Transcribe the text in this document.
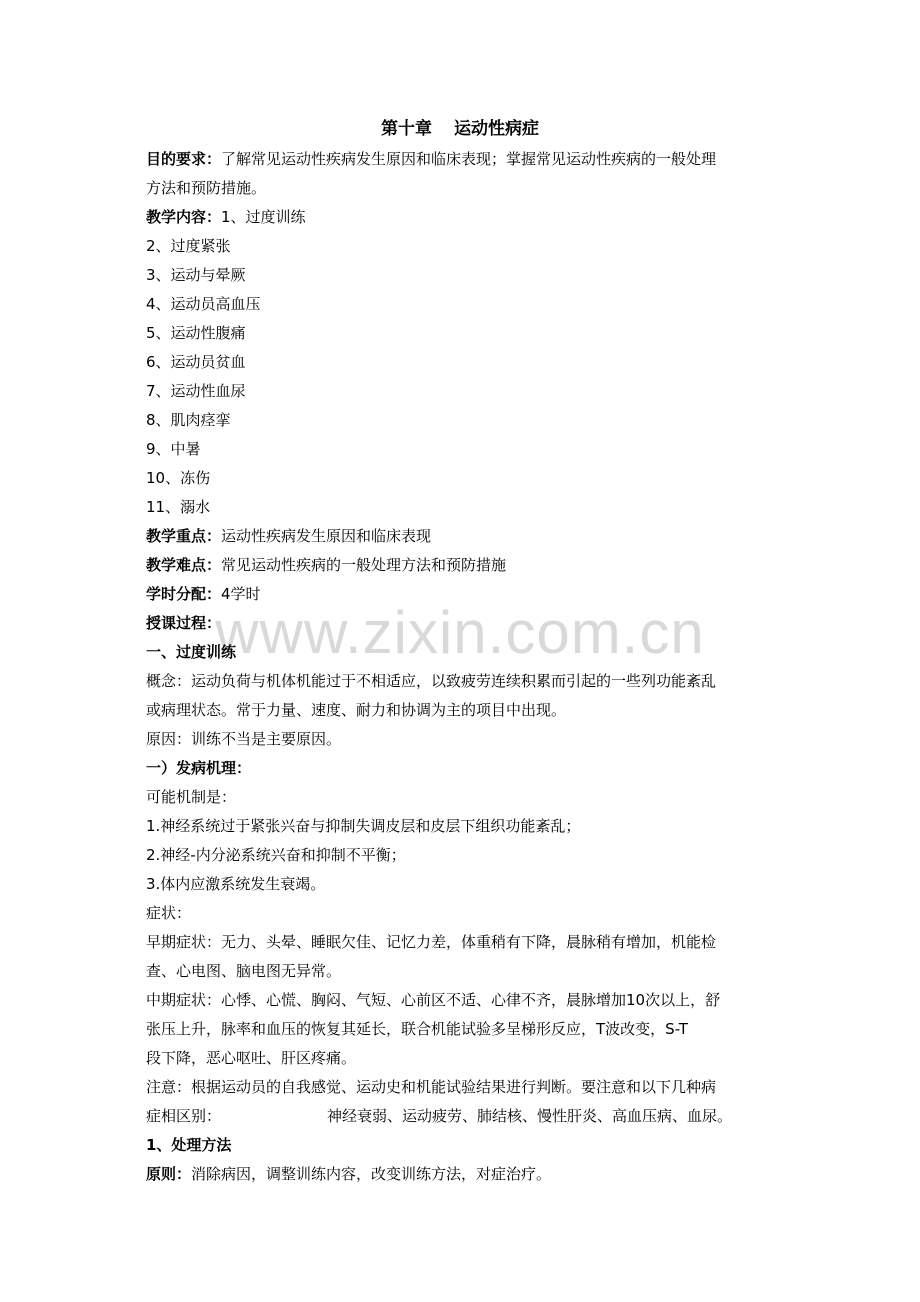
www.zixin.com.cn
第十章 运动性病症
目的要求：了解常见运动性疾病发生原因和临床表现；掌握常见运动性疾病的一般处理
方法和预防措施。
教学内容：1、过度训练
2、过度紧张
3、运动与晕厥
4、运动员高血压
5、运动性腹痛
6、运动员贫血
7、运动性血尿
8、肌肉痉挛
9、中暑
10、冻伤
11、溺水
教学重点：运动性疾病发生原因和临床表现
教学难点：常见运动性疾病的一般处理方法和预防措施
学时分配：4学时
授课过程：
一、过度训练
概念：运动负荷与机体机能过于不相适应，以致疲劳连续积累而引起的一些列功能紊乱
或病理状态。常于力量、速度、耐力和协调为主的项目中出现。
原因：训练不当是主要原因。
一）发病机理：
可能机制是：
1.神经系统过于紧张兴奋与抑制失调皮层和皮层下组织功能紊乱；
2.神经-内分泌系统兴奋和抑制不平衡；
3.体内应激系统发生衰竭。
症状：
早期症状：无力、头晕、睡眠欠佳、记忆力差，体重稍有下降，晨脉稍有增加，机能检
查、心电图、脑电图无异常。
中期症状：心悸、心慌、胸闷、气短、心前区不适、心律不齐，晨脉增加10次以上，舒
张压上升，脉率和血压的恢复其延长，联合机能试验多呈梯形反应，T波改变，S-T
段下降，恶心呕吐、肝区疼痛。
注意：根据运动员的自我感觉、运动史和机能试验结果进行判断。要注意和以下几种病
症相区别：	神经衰弱、运动疲劳、肺结核、慢性肝炎、高血压病、血尿。
1、处理方法
原则：消除病因，调整训练内容，改变训练方法，对症治疗。
